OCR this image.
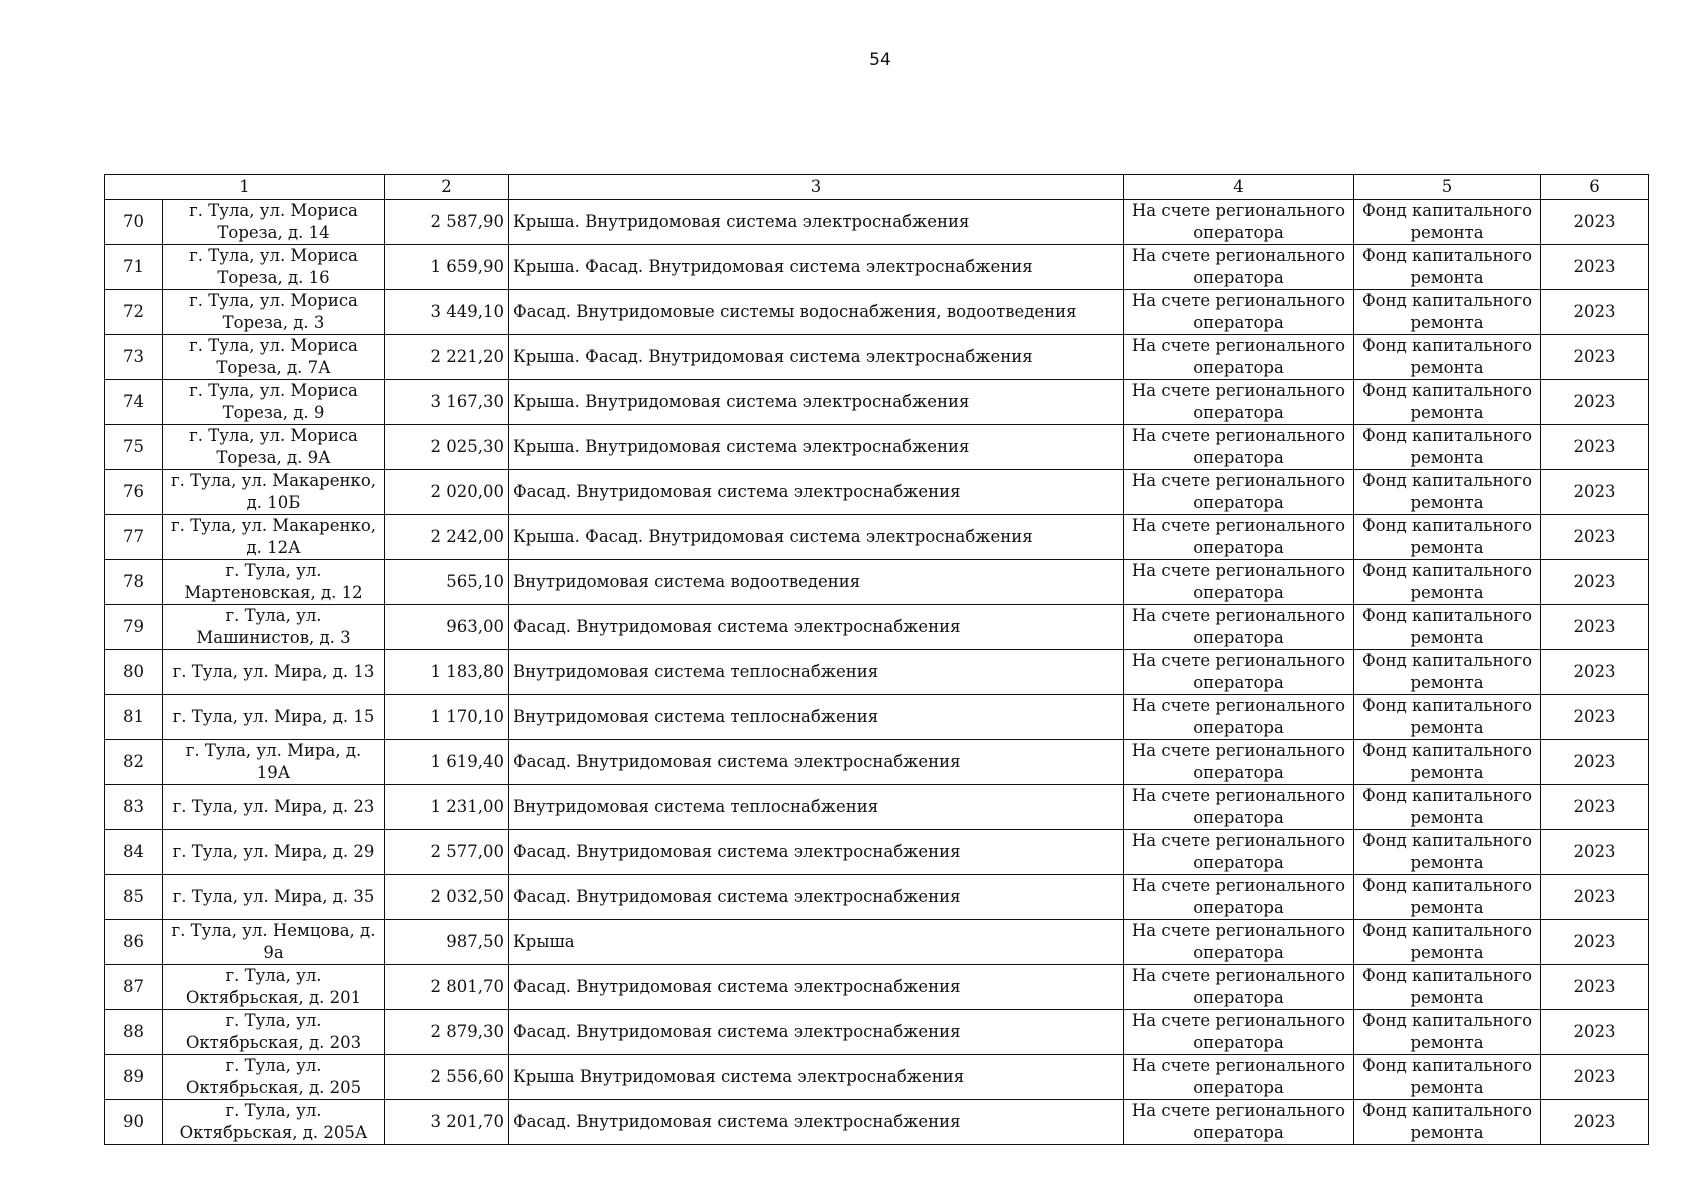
54
1		2	3	4	5	6
70	г. Тула, ул. Мориса Тореза, д. 14	2 587,90	Крыша. Внутридомовая система электроснабжения	На счете регионального оператора	Фонд капитального ремонта	2023
71	г. Тула, ул. Мориса Тореза, д. 16	1 659,90	Крыша. Фасад. Внутридомовая система электроснабжения	На счете регионального оператора	Фонд капитального ремонта	2023
72	г. Тула, ул. Мориса Тореза, д. 3	3 449,10	Фасад. Внутридомовые системы водоснабжения, водоотведения	На счете регионального оператора	Фонд капитального ремонта	2023
73	г. Тула, ул. Мориса Тореза, д. 7А	2 221,20	Крыша. Фасад. Внутридомовая система электроснабжения	На счете регионального оператора	Фонд капитального ремонта	2023
74	г. Тула, ул. Мориса Тореза, д. 9	3 167,30	Крыша. Внутридомовая система электроснабжения	На счете регионального оператора	Фонд капитального ремонта	2023
75	г. Тула, ул. Мориса Тореза, д. 9А	2 025,30	Крыша. Внутридомовая система электроснабжения	На счете регионального оператора	Фонд капитального ремонта	2023
76	г. Тула, ул. Макаренко, д. 10Б	2 020,00	Фасад. Внутридомовая система электроснабжения	На счете регионального оператора	Фонд капитального ремонта	2023
77	г. Тула, ул. Макаренко, д. 12А	2 242,00	Крыша. Фасад. Внутридомовая система электроснабжения	На счете регионального оператора	Фонд капитального ремонта	2023
78	г. Тула, ул. Мартеновская, д. 12	565,10	Внутридомовая система водоотведения	На счете регионального оператора	Фонд капитального ремонта	2023
79	г. Тула, ул. Машинистов, д. 3	963,00	Фасад. Внутридомовая система электроснабжения	На счете регионального оператора	Фонд капитального ремонта	2023
80	г. Тула, ул. Мира, д. 13	1 183,80	Внутридомовая система теплоснабжения	На счете регионального оператора	Фонд капитального ремонта	2023
81	г. Тула, ул. Мира, д. 15	1 170,10	Внутридомовая система теплоснабжения	На счете регионального оператора	Фонд капитального ремонта	2023
82	г. Тула, ул. Мира, д. 19А	1 619,40	Фасад. Внутридомовая система электроснабжения	На счете регионального оператора	Фонд капитального ремонта	2023
83	г. Тула, ул. Мира, д. 23	1 231,00	Внутридомовая система теплоснабжения	На счете регионального оператора	Фонд капитального ремонта	2023
84	г. Тула, ул. Мира, д. 29	2 577,00	Фасад. Внутридомовая система электроснабжения	На счете регионального оператора	Фонд капитального ремонта	2023
85	г. Тула, ул. Мира, д. 35	2 032,50	Фасад. Внутридомовая система электроснабжения	На счете регионального оператора	Фонд капитального ремонта	2023
86	г. Тула, ул. Немцова, д. 9а	987,50	Крыша	На счете регионального оператора	Фонд капитального ремонта	2023
87	г. Тула, ул. Октябрьская, д. 201	2 801,70	Фасад. Внутридомовая система электроснабжения	На счете регионального оператора	Фонд капитального ремонта	2023
88	г. Тула, ул. Октябрьская, д. 203	2 879,30	Фасад. Внутридомовая система электроснабжения	На счете регионального оператора	Фонд капитального ремонта	2023
89	г. Тула, ул. Октябрьская, д. 205	2 556,60	Крыша Внутридомовая система электроснабжения	На счете регионального оператора	Фонд капитального ремонта	2023
90	г. Тула, ул. Октябрьская, д. 205А	3 201,70	Фасад. Внутридомовая система электроснабжения	На счете регионального оператора	Фонд капитального ремонта	2023
